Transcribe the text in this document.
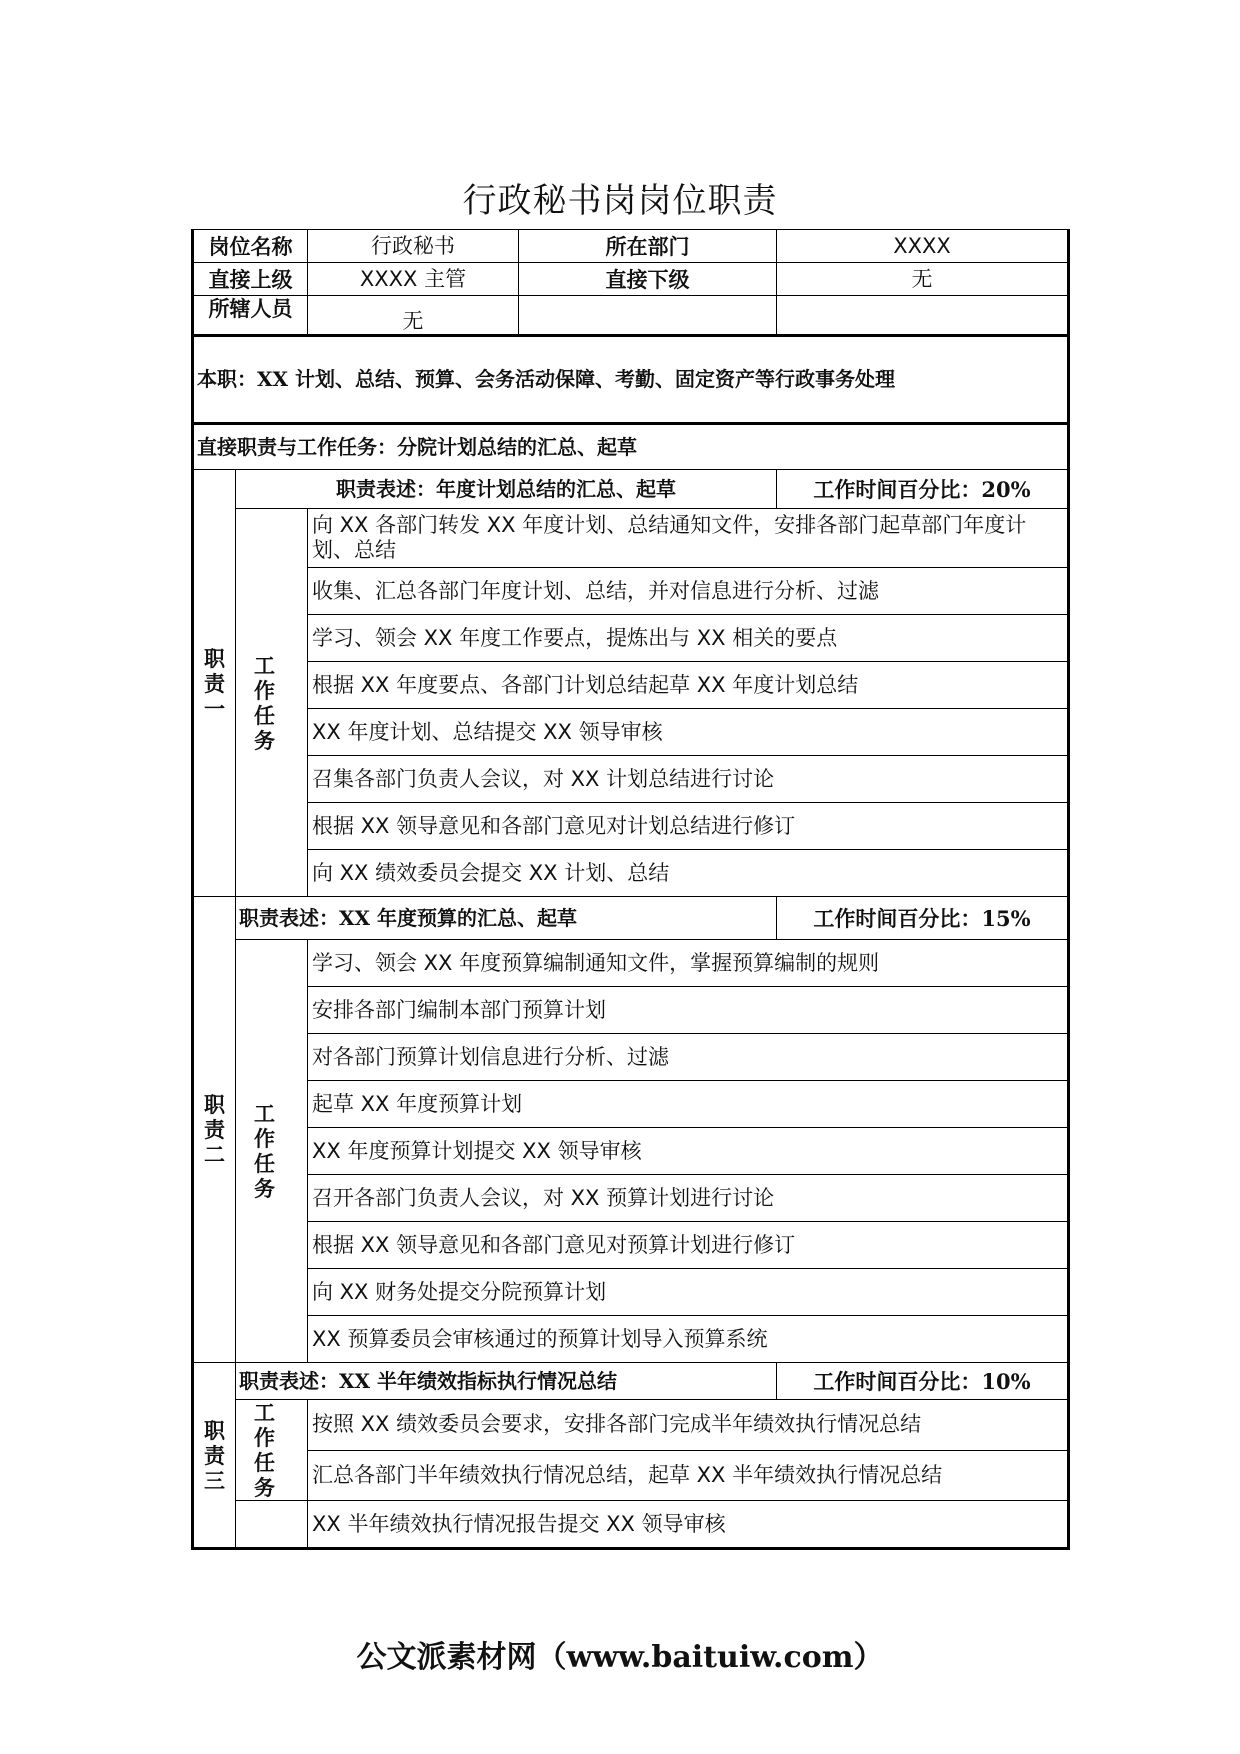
行政秘书岗岗位职责
岗位名称		行政秘书	所在部门	XXXX
直接上级		XXXX 主管	直接下级	无
所辖人员		无		
本职：XX 计划、总结、预算、会务活动保障、考勤、固定资产等行政事务处理				
直接职责与工作任务：分院计划总结的汇总、起草				

职
责
一	职责表述：年度计划总结的汇总、起草			工作时间百分比：20%

	工 作
任 务	向 XX 各部门转发 XX 年度计划、总结通知文件，安排各部门起草部门年度计划、总结		
		收集、汇总各部门年度计划、总结，并对信息进行分析、过滤		
		学习、领会 XX 年度工作要点，提炼出与 XX 相关的要点		
		根据 XX 年度要点、各部门计划总结起草 XX 年度计划总结		
		XX 年度计划、总结提交 XX 领导审核		
		召集各部门负责人会议，对 XX 计划总结进行讨论		
		根据 XX 领导意见和各部门意见对计划总结进行修订		
		向 XX 绩效委员会提交 XX 计划、总结		

职
责
二	职责表述：XX 年度预算的汇总、起草			工作时间百分比：15%

	工 作
任 务	学习、领会 XX 年度预算编制通知文件，掌握预算编制的规则		
		安排各部门编制本部门预算计划		
		对各部门预算计划信息进行分析、过滤		
		起草 XX 年度预算计划		
		XX 年度预算计划提交 XX 领导审核		
		召开各部门负责人会议，对 XX 预算计划进行讨论		
		根据 XX 领导意见和各部门意见对预算计划进行修订		
		向 XX 财务处提交分院预算计划		
		XX 预算委员会审核通过的预算计划导入预算系统		

职
责
三	职责表述：XX 半年绩效指标执行情况总结			工作时间百分比：10%

	工 作
任 务	按照 XX 绩效委员会要求，安排各部门完成半年绩效执行情况总结		
		汇总各部门半年绩效执行情况总结，起草 XX 半年绩效执行情况总结		
		XX 半年绩效执行情况报告提交 XX 领导审核		
公文派素材网（www.baituiw.com）
